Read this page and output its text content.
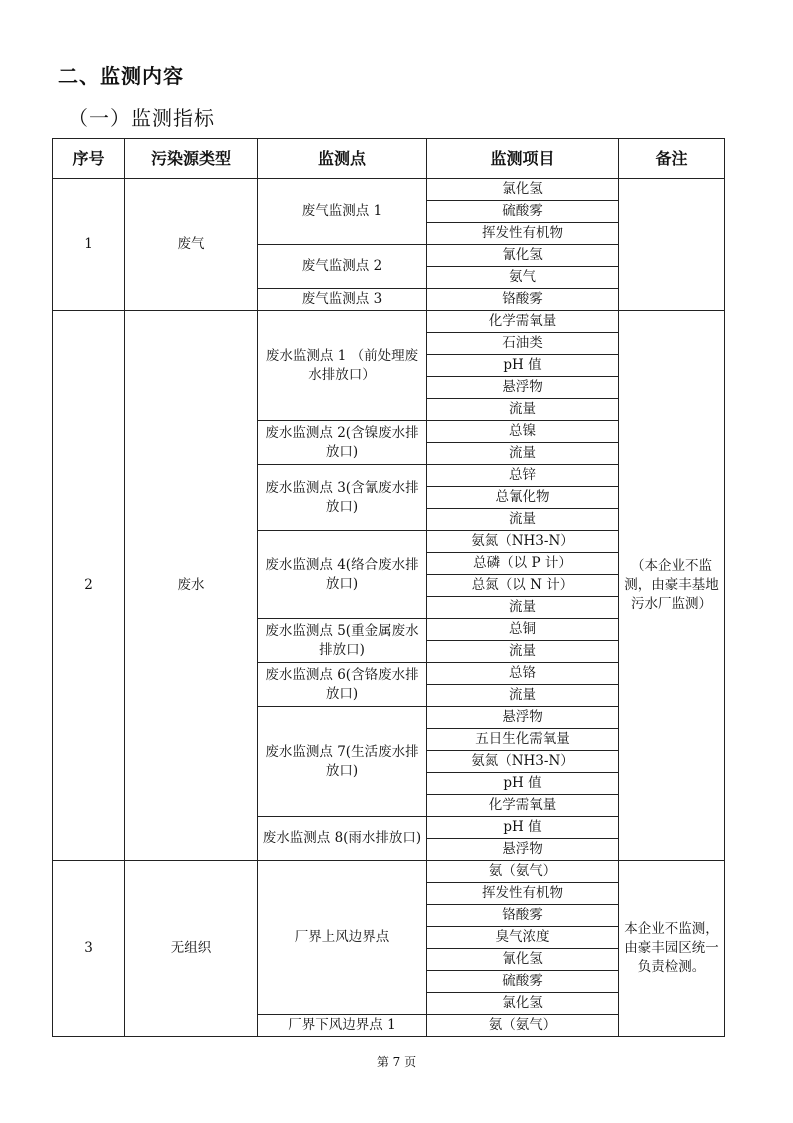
二、监测内容
（一）监测指标
序号	污染源类型	监测点	监测项目	备注
1	废气	废气监测点 1	氯化氢	
			硫酸雾	
			挥发性有机物	
		废气监测点 2	氰化氢	
			氨气	
		废气监测点 3	铬酸雾	
2	废水	废水监测点 1 （前处理废水排放口）	化学需氧量	（本企业不监测，由豪丰基地污水厂监测）
			石油类	
			pH 值	
			悬浮物	
			流量	
		废水监测点 2(含镍废水排放口)	总镍	
			流量	
		废水监测点 3(含氰废水排放口)	总锌	
			总氰化物	
			流量	
		废水监测点 4(络合废水排放口)	氨氮（NH3-N）	
			总磷（以 P 计）	
			总氮（以 N 计）	
			流量	
		废水监测点 5(重金属废水排放口)	总铜	
			流量	
		废水监测点 6(含铬废水排放口)	总铬	
			流量	
		废水监测点 7(生活废水排放口)	悬浮物	
			五日生化需氧量	
			氨氮（NH3-N）	
			pH 值	
			化学需氧量	
		废水监测点 8(雨水排放口)	pH 值	
			悬浮物	
3	无组织	厂界上风边界点	氨（氨气）	本企业不监测，由豪丰园区统一负责检测。
			挥发性有机物	
			铬酸雾	
			臭气浓度	
			氰化氢	
			硫酸雾	
			氯化氢	
		厂界下风边界点 1	氨（氨气）	
第 7 页
